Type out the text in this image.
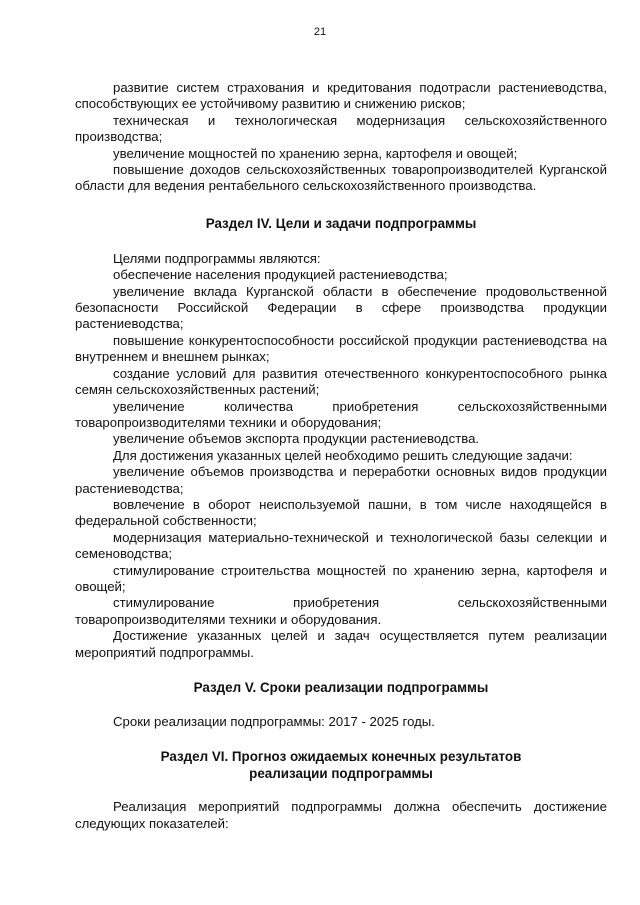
21

развитие систем страхования и кредитования подотрасли растениеводства, способствующих ее устойчивому развитию и снижению рисков;

техническая и технологическая модернизация сельскохозяйственного производства;

увеличение мощностей по хранению зерна, картофеля и овощей;

повышение доходов сельскохозяйственных товаропроизводителей Курганской области для ведения рентабельного сельскохозяйственного производства.

Раздел IV. Цели и задачи подпрограммы

Целями подпрограммы являются:

обеспечение населения продукцией растениеводства;

увеличение вклада Курганской области в обеспечение продовольственной безопасности Российской Федерации в сфере производства продукции растениеводства;

повышение конкурентоспособности российской продукции растениеводства на внутреннем и внешнем рынках;

создание условий для развития отечественного конкурентоспособного рынка семян сельскохозяйственных растений;

увеличение количества приобретения сельскохозяйственными товаропроизводителями техники и оборудования;

увеличение объемов экспорта продукции растениеводства.

Для достижения указанных целей необходимо решить следующие задачи:

увеличение объемов производства и переработки основных видов продукции растениеводства;

вовлечение в оборот неиспользуемой пашни, в том числе находящейся в федеральной собственности;

модернизация материально-технической и технологической базы селекции и семеноводства;

стимулирование строительства мощностей по хранению зерна, картофеля и овощей;

стимулирование приобретения сельскохозяйственными товаропроизводителями техники и оборудования.

Достижение указанных целей и задач осуществляется путем реализации мероприятий подпрограммы.

Раздел V. Сроки реализации подпрограммы

Сроки реализации подпрограммы: 2017 - 2025 годы.

Раздел VI. Прогноз ожидаемых конечных результатов

реализации подпрограммы

Реализация мероприятий подпрограммы должна обеспечить достижение следующих показателей:
